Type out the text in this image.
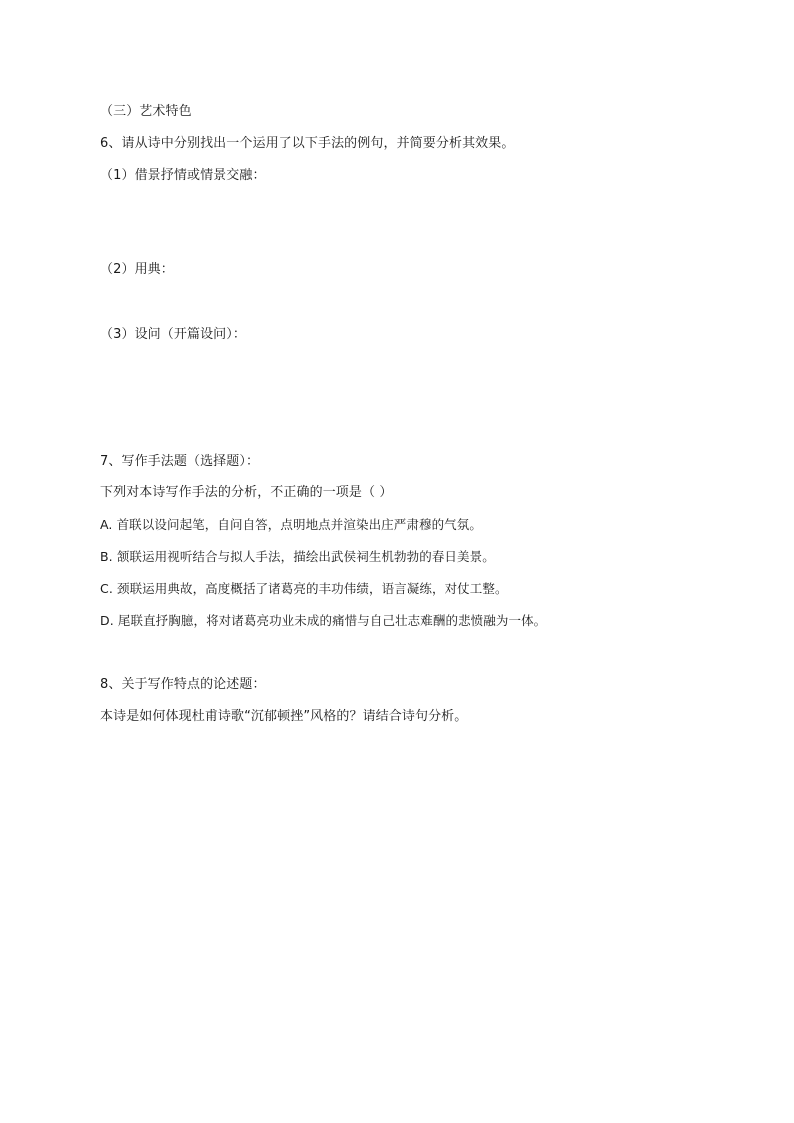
（三）艺术特色
6、请从诗中分别找出一个运用了以下手法的例句，并简要分析其效果。
（1）借景抒情或情景交融：
（2）用典：
（3）设问（开篇设问）：
7、写作手法题（选择题）：
下列对本诗写作手法的分析，不正确的一项是（ ）
A. 首联以设问起笔，自问自答，点明地点并渲染出庄严肃穆的气氛。
B. 颔联运用视听结合与拟人手法，描绘出武侯祠生机勃勃的春日美景。
C. 颈联运用典故，高度概括了诸葛亮的丰功伟绩，语言凝练，对仗工整。
D. 尾联直抒胸臆，将对诸葛亮功业未成的痛惜与自己壮志难酬的悲愤融为一体。
8、关于写作特点的论述题：
本诗是如何体现杜甫诗歌“沉郁顿挫”风格的？请结合诗句分析。
